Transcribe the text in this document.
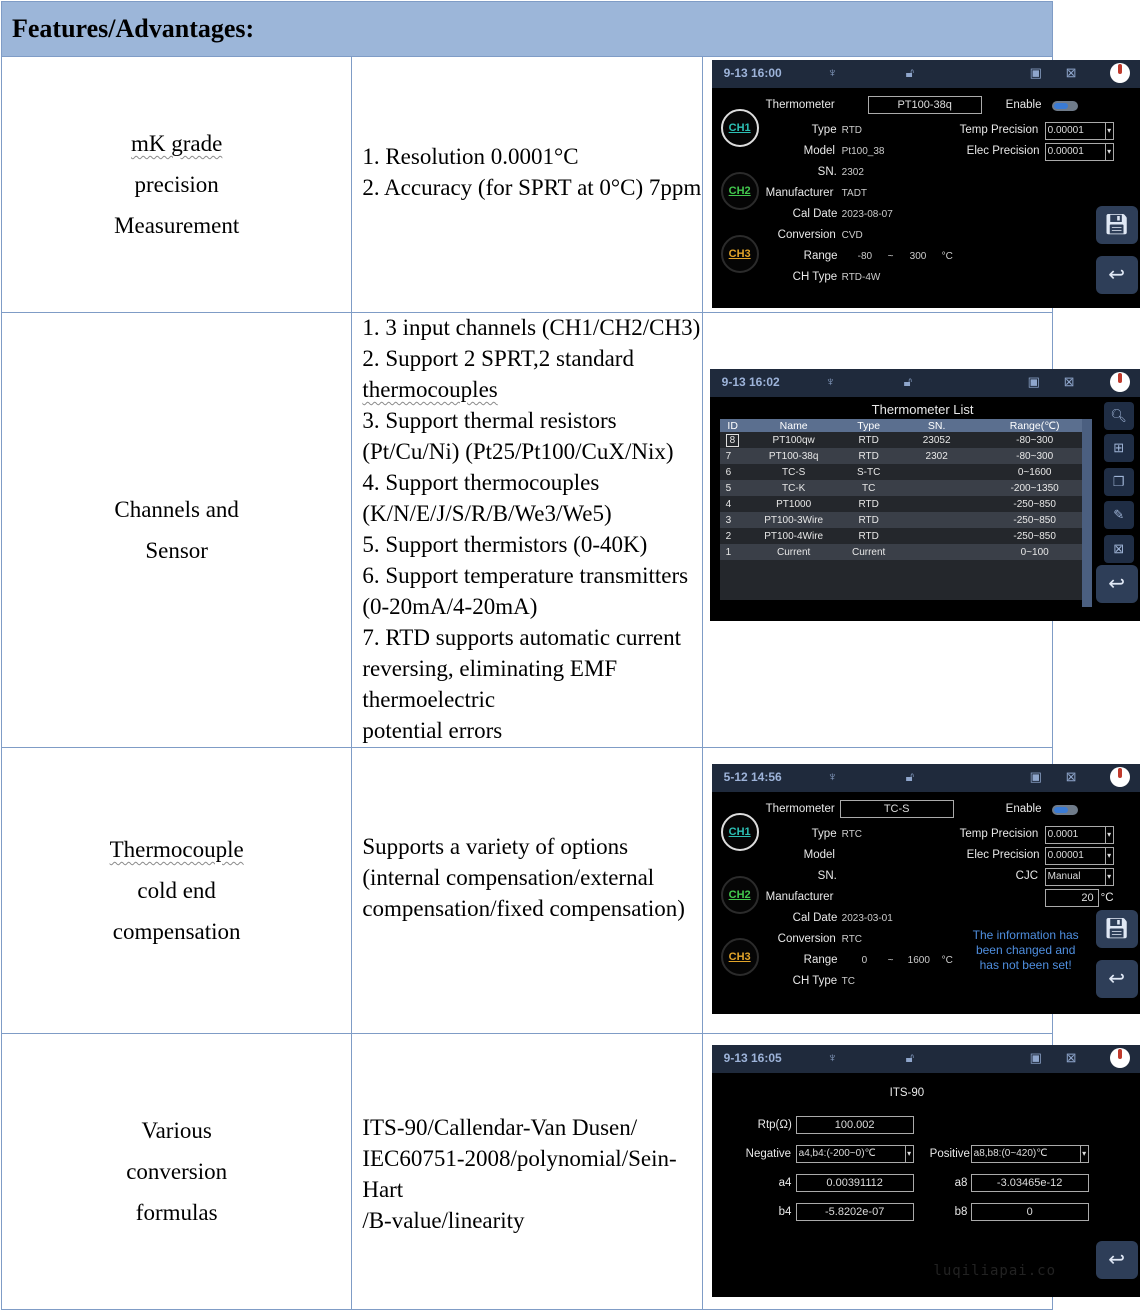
Features/Advantages:

mK grade
precision
Measurement

1. Resolution 0.0001°C
2. Accuracy (for SPRT at 0°C) 7ppm

9-13 16:00	♆	🔓︎	▣ ⊠
CH1
CH2
CH3
Thermometer	PT100-38q	Enable
Type RTD
Model Pt100_38
SN. 2302
Manufacturer TADT
Cal Date 2023-08-07
Conversion CVD
Range -80 ~ 300 °C
CH Type RTD-4W
Temp Precision 0.00001 ▾
Elec Precision 0.00001 ▾
💾︎
↩

Channels and
Sensor

1. 3 input channels (CH1/CH2/CH3)
2. Support 2 SPRT,2 standard
thermocouples
3. Support thermal resistors
(Pt/Cu/Ni) (Pt25/Pt100/CuX/Nix)
4. Support thermocouples
(K/N/E/J/S/R/B/We3/We5)
5. Support thermistors (0-40K)
6. Support temperature transmitters
(0-20mA/4-20mA)
7. RTD supports automatic current
reversing, eliminating EMF thermoelectric
potential errors

9-13 16:02	♆	🔓︎	▣ ⊠
Thermometer List
ID	Name	Type	SN.	Range(℃)
8	PT100qw	RTD	23052	-80~300
7	PT100-38q	RTD	2302	-80~300
6	TC-S	S-TC		0~1600
5	TC-K	TC		-200~1350
4	PT1000	RTD		-250~850
3	PT100-3Wire	RTD		-250~850
2	PT100-4Wire	RTD		-250~850
1	Current	Current		0~100

🔍︎
⊞
❐
✎
⊠
↩

Thermocouple
cold end
compensation

Supports a variety of options
(internal compensation/external
compensation/fixed compensation)

5-12 14:56	♆	🔓︎	▣ ⊠
CH1
CH2
CH3
Thermometer	TC-S	Enable
Type RTC
Model
SN.
Manufacturer
Cal Date 2023-03-01
Conversion RTC
Range 0 ~ 1600 °C
CH Type TC
Temp Precision 0.0001 ▾
Elec Precision 0.00001 ▾
CJC Manual ▾
20 °C
The information has
been changed and
has not been set!
💾︎
↩

Various
conversion
formulas

ITS-90/Callendar-Van Dusen/
IEC60751-2008/polynomial/Sein-Hart
/B-value/linearity

9-13 16:05	♆	🔓︎	▣ ⊠
ITS-90
Rtp(Ω)	100.002
Negative a4,b4:(-200~0)℃ ▾	Positive a8,b8:(0~420)℃ ▾
a4	0.00391112	a8	-3.03465e-12
b4	-5.8202e-07	b8	0
↩
luqiliapai.co
